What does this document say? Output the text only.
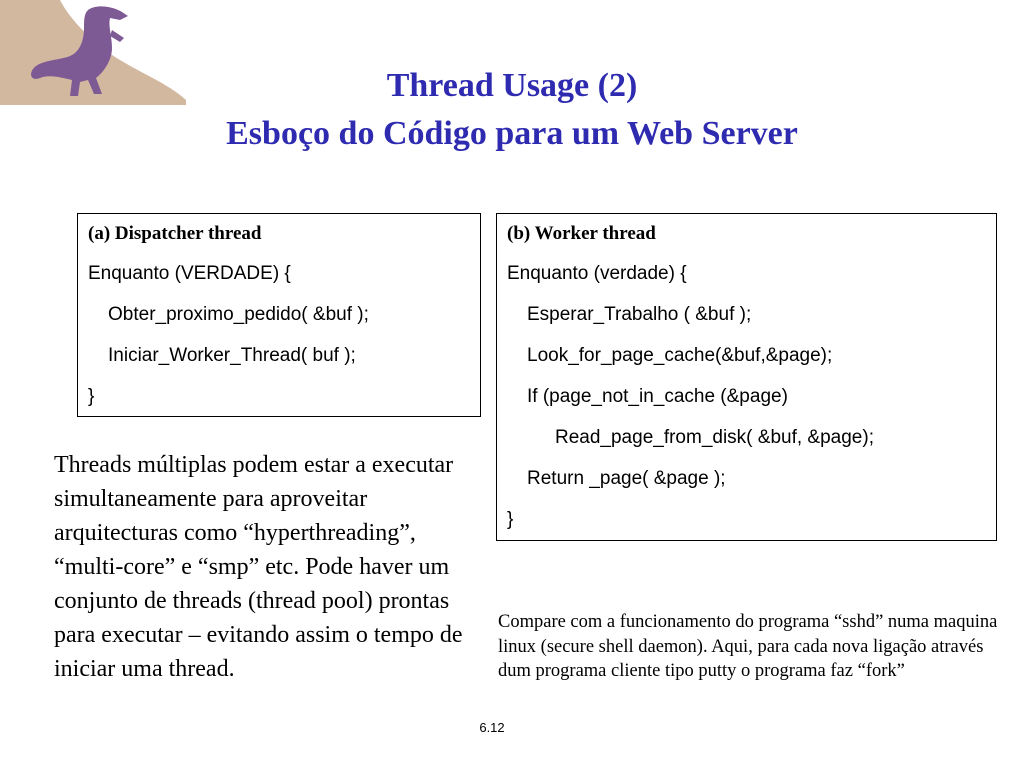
Thread Usage (2)
Esboço do Código para um Web Server
(a) Dispatcher thread
Enquanto (VERDADE) {
Obter_proximo_pedido( &buf );
Iniciar_Worker_Thread( buf );
}
(b) Worker thread
Enquanto (verdade) {
Esperar_Trabalho ( &buf );
Look_for_page_cache(&buf,&page);
If (page_not_in_cache (&page)
Read_page_from_disk( &buf, &page);
Return _page( &page );
}
Threads múltiplas podem estar a executar simultaneamente para aproveitar arquitecturas como “hyperthreading”, “multi-core” e “smp” etc. Pode haver um conjunto de threads (thread pool) prontas para executar – evitando assim o tempo de iniciar uma thread.
Compare com a funcionamento do programa “sshd” numa maquina linux (secure shell daemon). Aqui, para cada nova ligação através dum programa cliente tipo putty o programa faz “fork”
6.12
